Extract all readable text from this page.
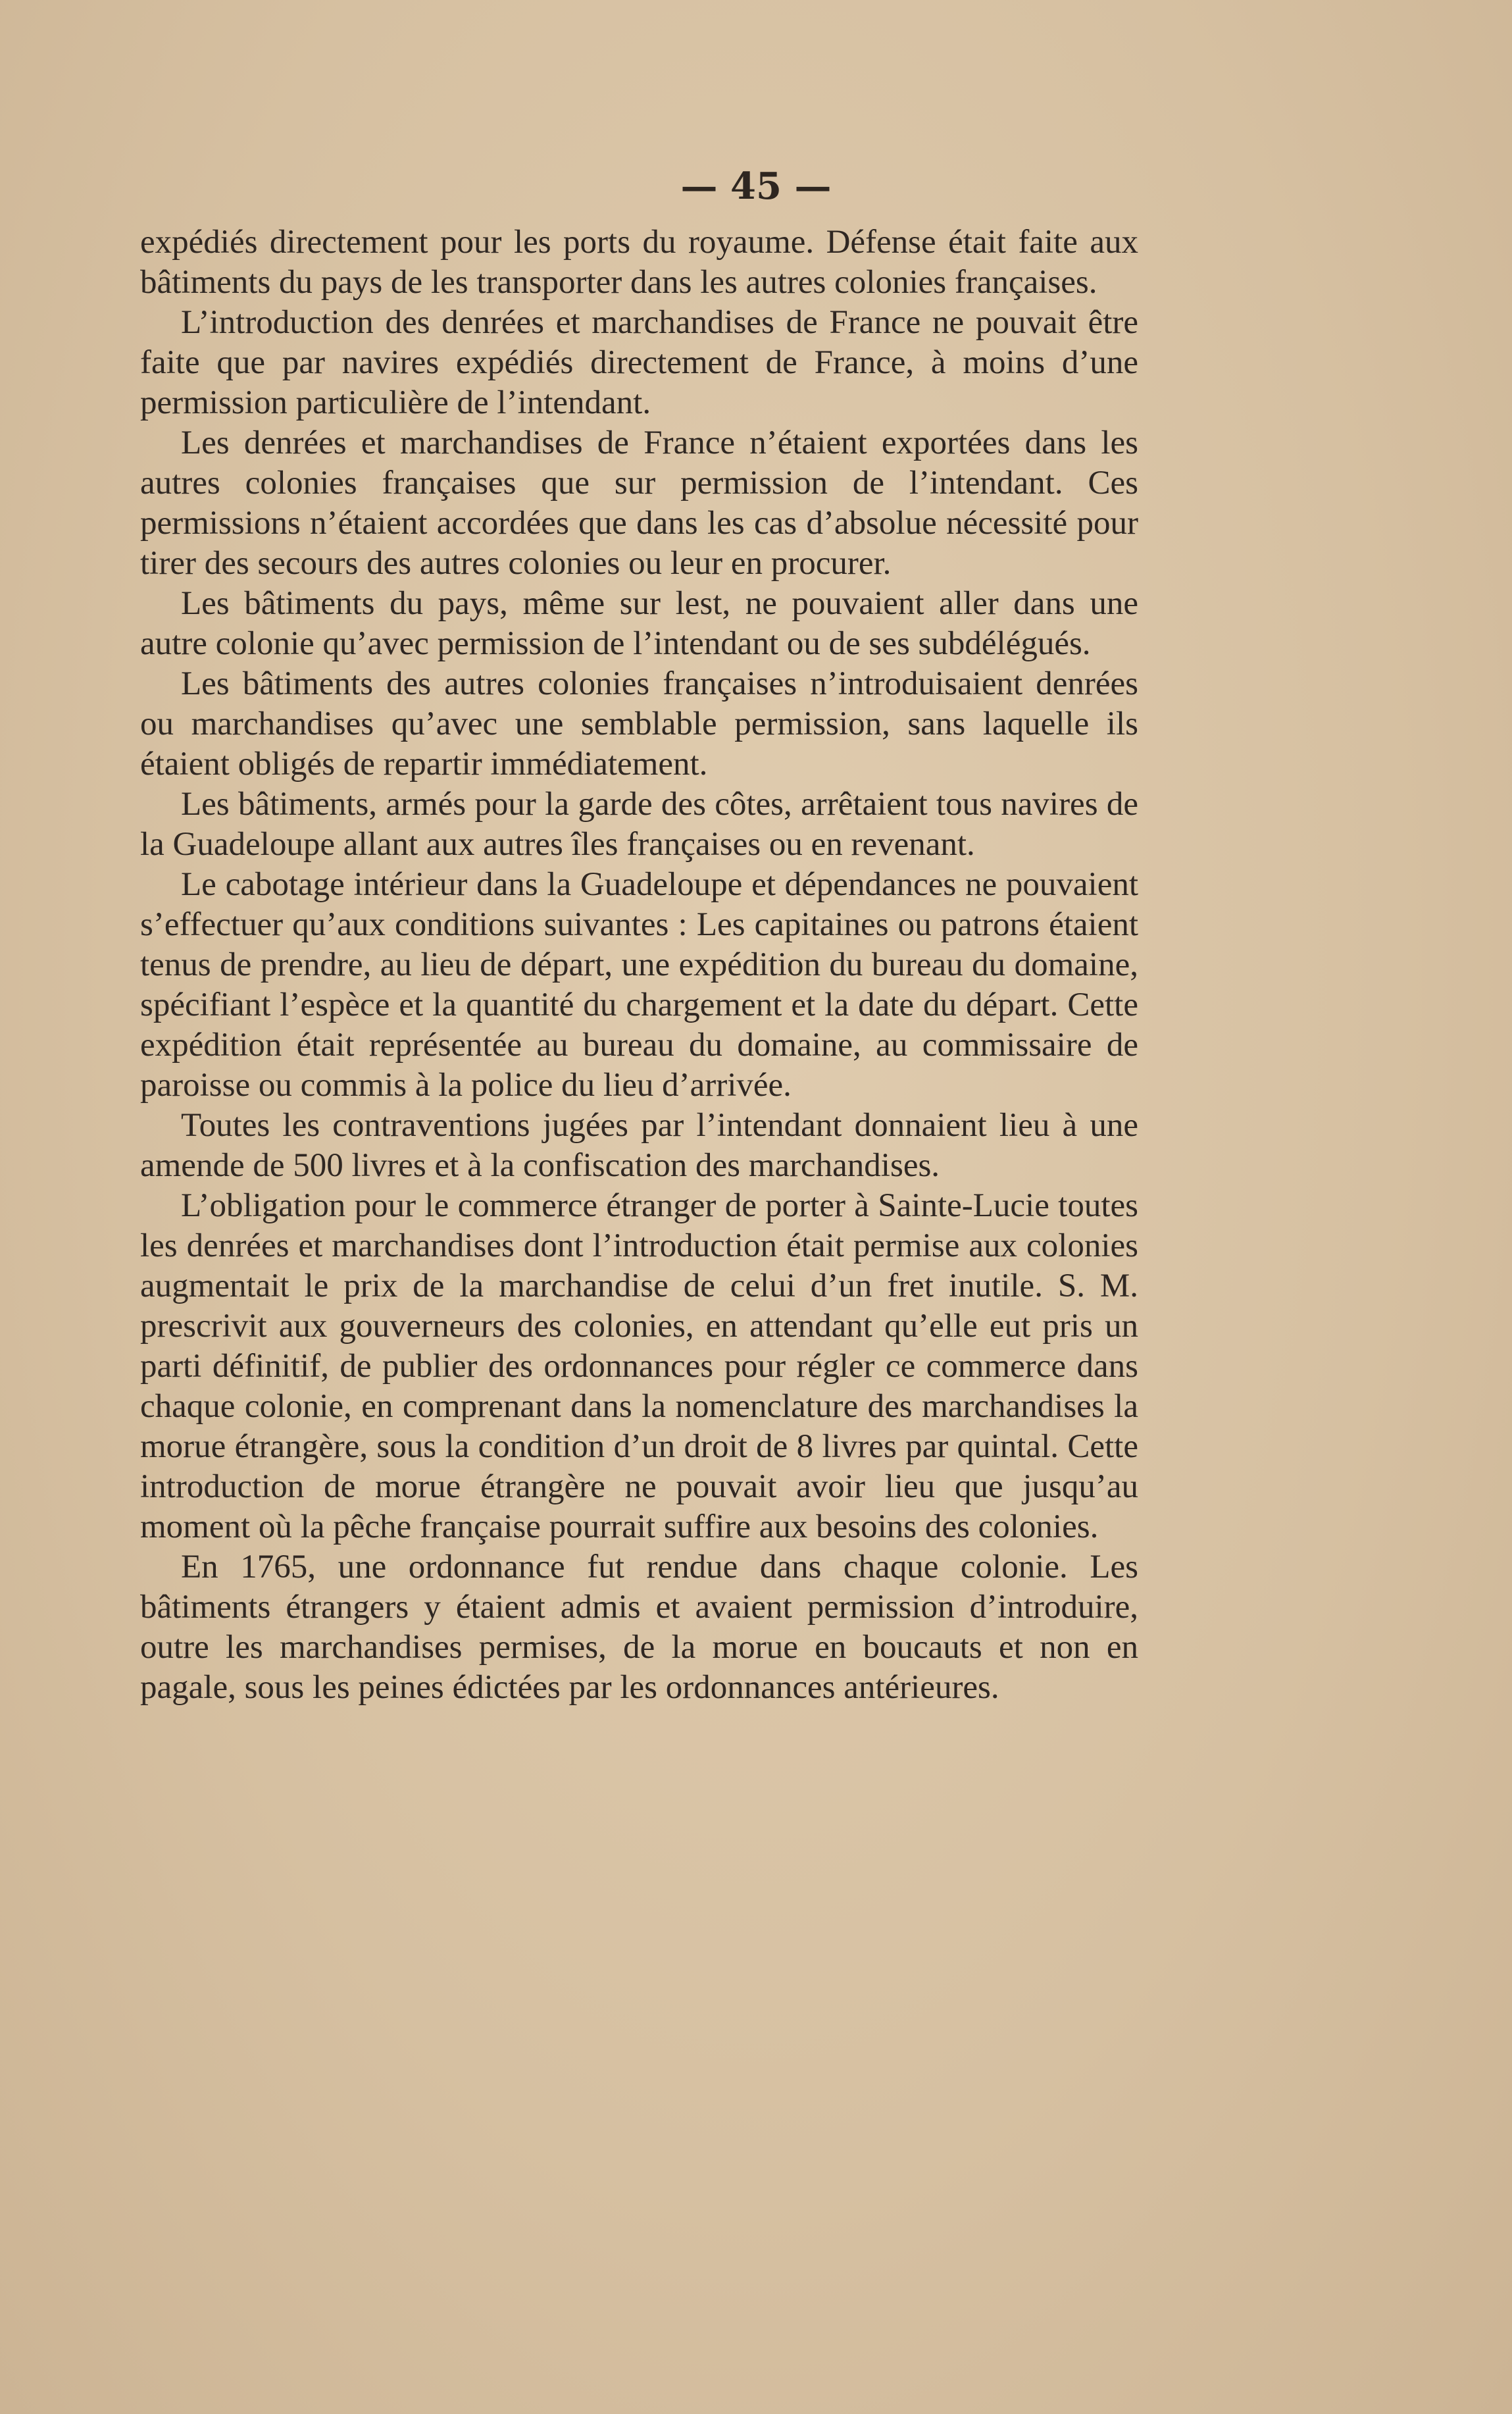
— 45 —

expédiés directement pour les ports du royaume. Défense était faite aux bâtiments du pays de les transporter dans les autres colonies françaises.

L’introduction des denrées et marchandises de France ne pouvait être faite que par navires expédiés directement de France, à moins d’une permission particulière de l’intendant.

Les denrées et marchandises de France n’étaient exportées dans les autres colonies françaises que sur permission de l’intendant. Ces permissions n’étaient accordées que dans les cas d’absolue nécessité pour tirer des secours des autres colonies ou leur en procurer.

Les bâtiments du pays, même sur lest, ne pouvaient aller dans une autre colonie qu’avec permission de l’intendant ou de ses subdélégués.

Les bâtiments des autres colonies françaises n’introduisaient denrées ou marchandises qu’avec une semblable permission, sans laquelle ils étaient obligés de repartir immédiatement.

Les bâtiments, armés pour la garde des côtes, arrêtaient tous navires de la Guadeloupe allant aux autres îles françaises ou en revenant.

Le cabotage intérieur dans la Guadeloupe et dépendances ne pouvaient s’effectuer qu’aux conditions suivantes : Les capitaines ou patrons étaient tenus de prendre, au lieu de départ, une expédition du bureau du domaine, spécifiant l’espèce et la quantité du chargement et la date du départ. Cette expédition était représentée au bureau du domaine, au commissaire de paroisse ou commis à la police du lieu d’arrivée.

Toutes les contraventions jugées par l’intendant donnaient lieu à une amende de 500 livres et à la confiscation des marchandises.

L’obligation pour le commerce étranger de porter à Sainte-Lucie toutes les denrées et marchandises dont l’introduction était permise aux colonies augmentait le prix de la marchandise de celui d’un fret inutile. S. M. prescrivit aux gouverneurs des colonies, en attendant qu’elle eut pris un parti définitif, de publier des ordonnances pour régler ce commerce dans chaque colonie, en comprenant dans la nomenclature des marchandises la morue étrangère, sous la condition d’un droit de 8 livres par quintal. Cette introduction de morue étrangère ne pouvait avoir lieu que jusqu’au moment où la pêche française pourrait suffire aux besoins des colonies.

En 1765, une ordonnance fut rendue dans chaque colonie. Les bâtiments étrangers y étaient admis et avaient permission d’introduire, outre les marchandises permises, de la morue en boucauts et non en pagale, sous les peines édictées par les ordonnances antérieures.
